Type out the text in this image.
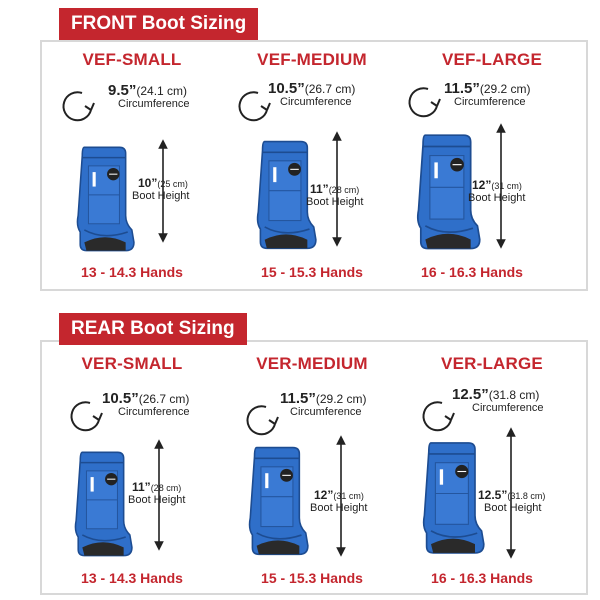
VEF-SMALL
9.5”(24.1 cm)
Circumference
10”(25 cm)
Boot Height
13 - 14.3 Hands
VEF-MEDIUM
10.5”(26.7 cm)
Circumference
11”(28 cm)
Boot Height
15 - 15.3 Hands
VEF-LARGE
11.5”(29.2 cm)
Circumference
12”(31 cm)
Boot Height
16 - 16.3 Hands
FRONT Boot Sizing
VER-SMALL
10.5”(26.7 cm)
Circumference
11”(28 cm)
Boot Height
13 - 14.3 Hands
VER-MEDIUM
11.5”(29.2 cm)
Circumference
12”(31 cm)
Boot Height
15 - 15.3 Hands
VER-LARGE
12.5”(31.8 cm)
Circumference
12.5”(31.8 cm)
Boot Height
16 - 16.3 Hands
REAR Boot Sizing
